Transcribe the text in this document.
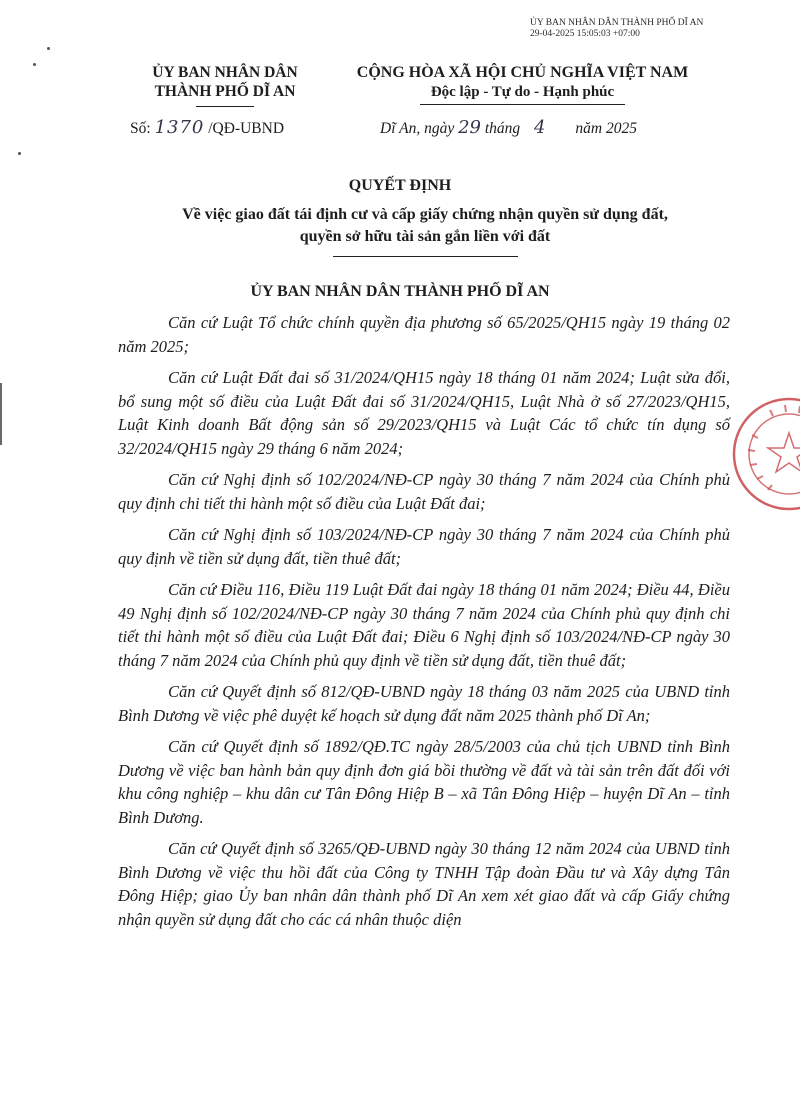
ỦY BAN NHÂN DÂN THÀNH PHỐ DĨ AN
29-04-2025 15:05:03 +07:00
ỦY BAN NHÂN DÂN
THÀNH PHỐ DĨ AN
CỘNG HÒA XÃ HỘI CHỦ NGHĨA VIỆT NAM
Độc lập - Tự do - Hạnh phúc
Số: 1370 /QĐ-UBND	Dĩ An, ngày 29 tháng 4 năm 2025
QUYẾT ĐỊNH
Về việc giao đất tái định cư và cấp giấy chứng nhận quyền sử dụng đất,
quyền sở hữu tài sản gắn liền với đất
ỦY BAN NHÂN DÂN THÀNH PHỐ DĨ AN

Căn cứ Luật Tổ chức chính quyền địa phương số 65/2025/QH15 ngày 19 tháng 02 năm 2025;

Căn cứ Luật Đất đai số 31/2024/QH15 ngày 18 tháng 01 năm 2024; Luật sửa đổi, bổ sung một số điều của Luật Đất đai số 31/2024/QH15, Luật Nhà ở số 27/2023/QH15, Luật Kinh doanh Bất động sản số 29/2023/QH15 và Luật Các tổ chức tín dụng số 32/2024/QH15 ngày 29 tháng 6 năm 2024;

Căn cứ Nghị định số 102/2024/NĐ-CP ngày 30 tháng 7 năm 2024 của Chính phủ quy định chi tiết thi hành một số điều của Luật Đất đai;

Căn cứ Nghị định số 103/2024/NĐ-CP ngày 30 tháng 7 năm 2024 của Chính phủ quy định về tiền sử dụng đất, tiền thuê đất;

Căn cứ Điều 116, Điều 119 Luật Đất đai ngày 18 tháng 01 năm 2024; Điều 44, Điều 49 Nghị định số 102/2024/NĐ-CP ngày 30 tháng 7 năm 2024 của Chính phủ quy định chi tiết thi hành một số điều của Luật Đất đai; Điều 6 Nghị định số 103/2024/NĐ-CP ngày 30 tháng 7 năm 2024 của Chính phủ quy định về tiền sử dụng đất, tiền thuê đất;

Căn cứ Quyết định số 812/QĐ-UBND ngày 18 tháng 03 năm 2025 của UBND tỉnh Bình Dương về việc phê duyệt kế hoạch sử dụng đất năm 2025 thành phố Dĩ An;

Căn cứ Quyết định số 1892/QĐ.TC ngày 28/5/2003 của chủ tịch UBND tỉnh Bình Dương về việc ban hành bản quy định đơn giá bồi thường về đất và tài sản trên đất đối với khu công nghiệp – khu dân cư Tân Đông Hiệp B – xã Tân Đông Hiệp – huyện Dĩ An – tỉnh Bình Dương.

Căn cứ Quyết định số 3265/QĐ-UBND ngày 30 tháng 12 năm 2024 của UBND tỉnh Bình Dương về việc thu hồi đất của Công ty TNHH Tập đoàn Đầu tư và Xây dựng Tân Đông Hiệp; giao Ủy ban nhân dân thành phố Dĩ An xem xét giao đất và cấp Giấy chứng nhận quyền sử dụng đất cho các cá nhân thuộc diện
